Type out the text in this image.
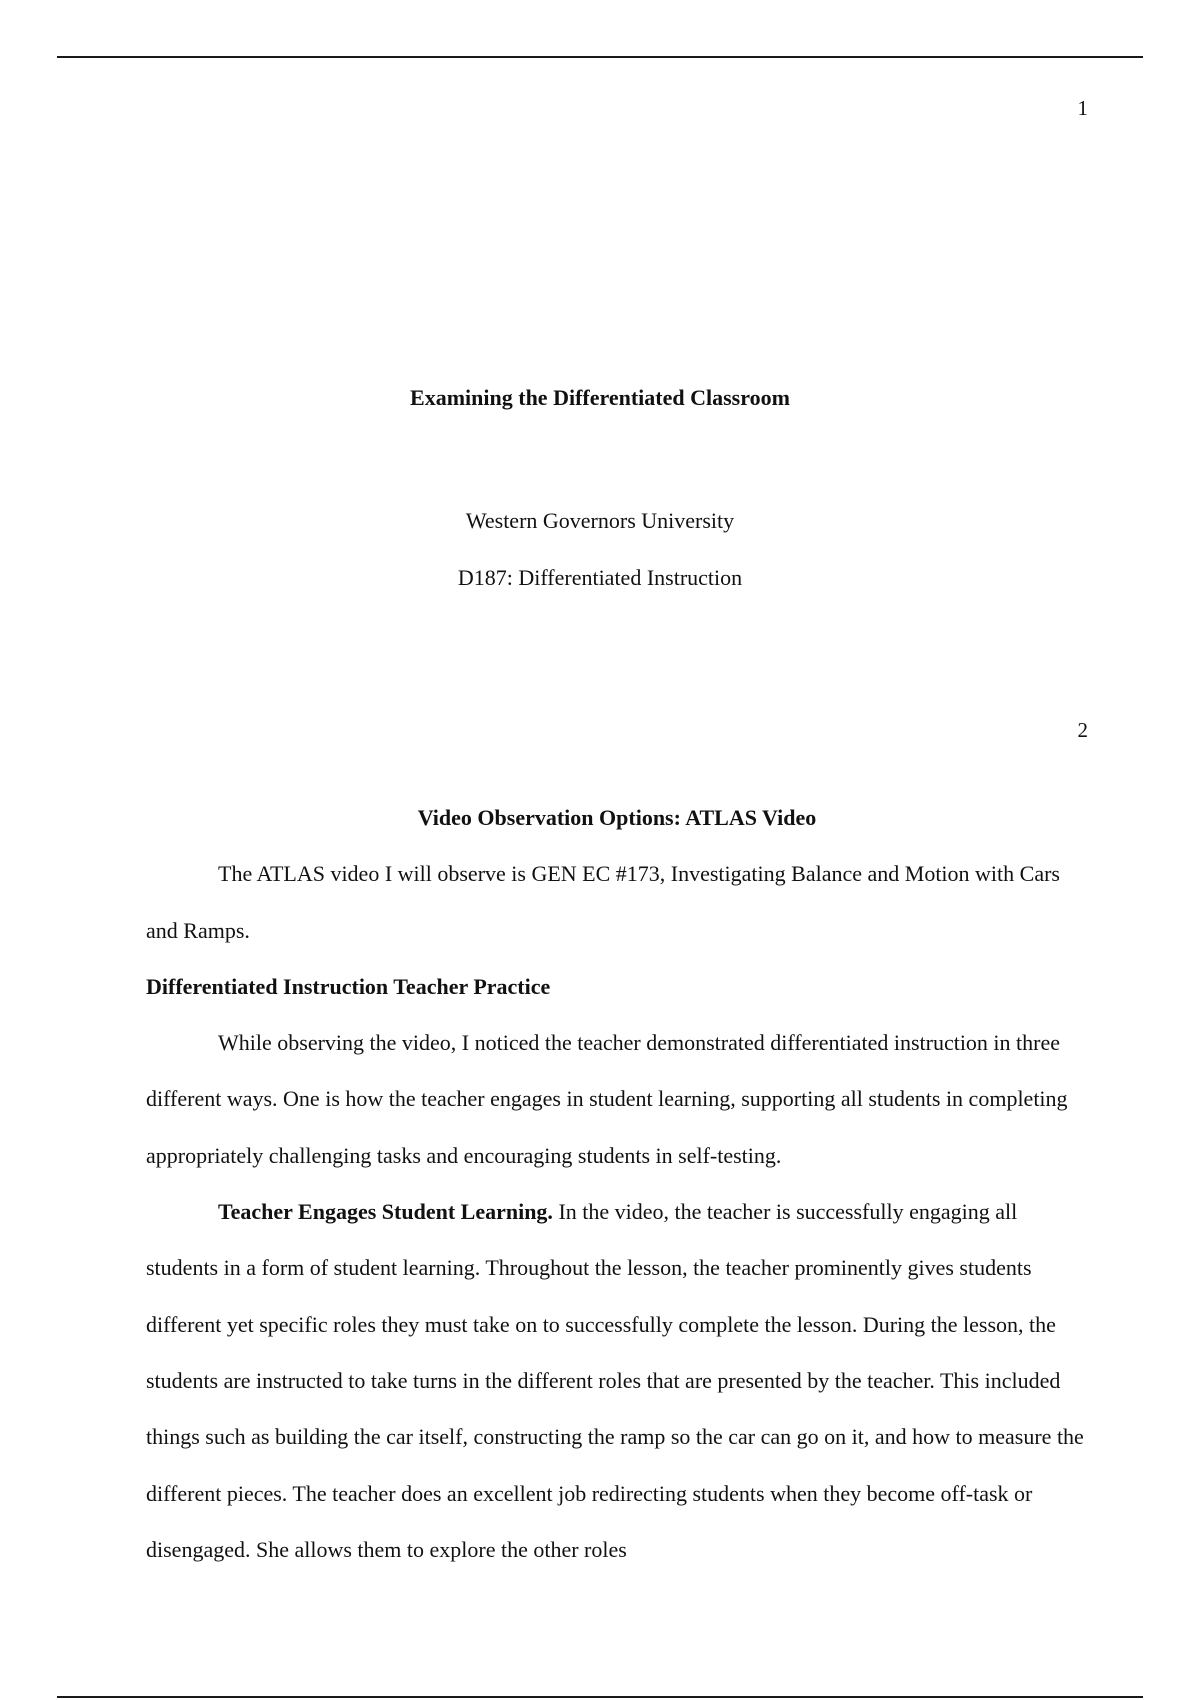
1
Examining the Differentiated Classroom
Western Governors University
D187: Differentiated Instruction
2

Video Observation Options: ATLAS Video

The ATLAS video I will observe is GEN EC #173, Investigating Balance and Motion with Cars and Ramps.

Differentiated Instruction Teacher Practice

While observing the video, I noticed the teacher demonstrated differentiated instruction in three different ways. One is how the teacher engages in student learning, supporting all students in completing appropriately challenging tasks and encouraging students in self-testing.

Teacher Engages Student Learning. In the video, the teacher is successfully engaging all students in a form of student learning. Throughout the lesson, the teacher prominently gives students different yet specific roles they must take on to successfully complete the lesson. During the lesson, the students are instructed to take turns in the different roles that are presented by the teacher. This included things such as building the car itself, constructing the ramp so the car can go on it, and how to measure the different pieces. The teacher does an excellent job redirecting students when they become off-task or disengaged. She allows them to explore the other roles
